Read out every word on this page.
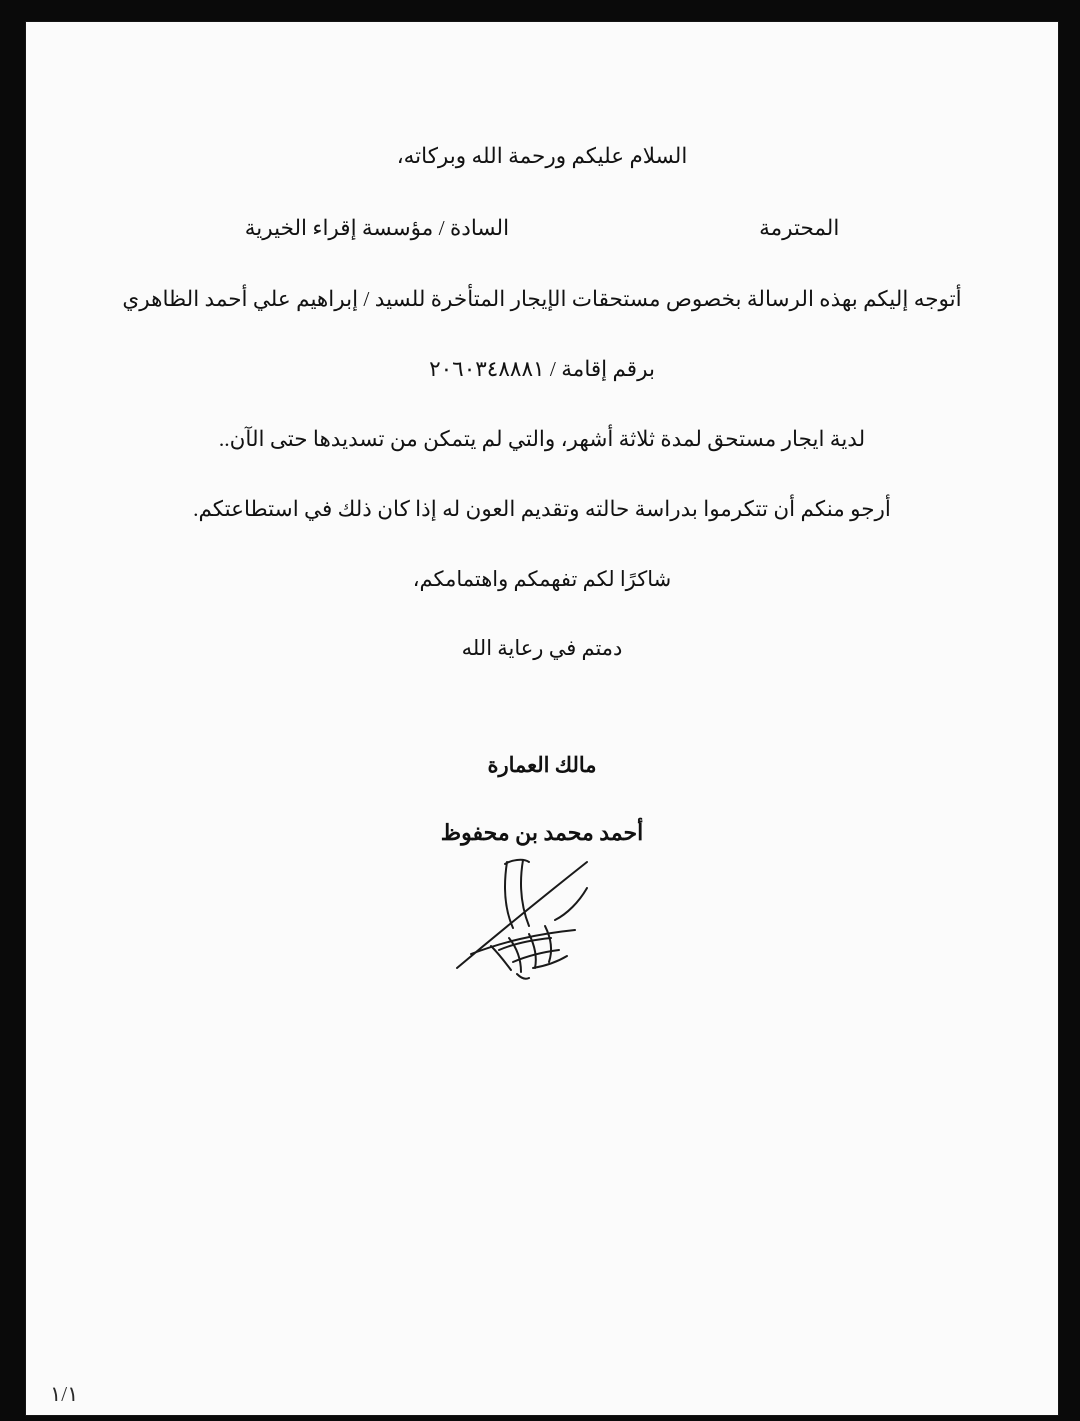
السلام عليكم ورحمة الله وبركاته،

السادة / مؤسسة إقراء الخيرية	المحترمة

أتوجه إليكم بهذه الرسالة بخصوص مستحقات الإيجار المتأخرة للسيد / إبراهيم علي أحمد الظاهري

برقم إقامة / ٢٠٦٠٣٤٨٨٨١

لدية ايجار مستحق لمدة ثلاثة أشهر، والتي لم يتمكن من تسديدها حتى الآن..

أرجو منكم أن تتكرموا بدراسة حالته وتقديم العون له إذا كان ذلك في استطاعتكم.

شاكرًا لكم تفهمكم واهتمامكم،

دمتم في رعاية الله

مالك العمارة
أحمد محمد بن محفوظ
١/١
